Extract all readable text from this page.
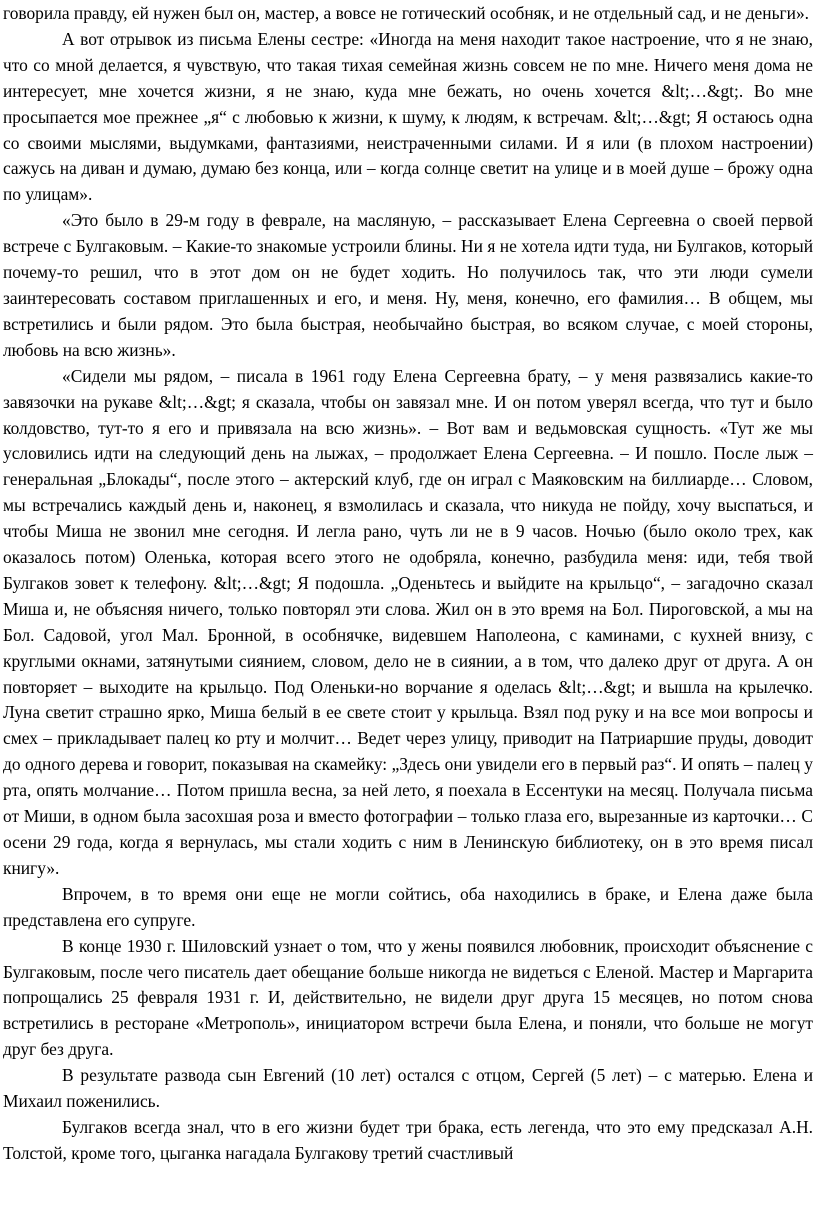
говорила правду, ей нужен был он, мастер, а вовсе не готический особняк, и не отдельный сад, и не деньги».

А вот отрывок из письма Елены сестре: «Иногда на меня находит такое настроение, что я не знаю, что со мной делается, я чувствую, что такая тихая семейная жизнь совсем не по мне. Ничего меня дома не интересует, мне хочется жизни, я не знаю, куда мне бежать, но очень хочется &lt;…&gt;. Во мне просыпается мое прежнее „я“ с любовью к жизни, к шуму, к людям, к встречам. &lt;…&gt; Я остаюсь одна со своими мыслями, выдумками, фантазиями, неистраченными силами. И я или (в плохом настроении) сажусь на диван и думаю, думаю без конца, или – когда солнце светит на улице и в моей душе – брожу одна по улицам».

«Это было в 29-м году в феврале, на масляную, – рассказывает Елена Сергеевна о своей первой встрече с Булгаковым. – Какие-то знакомые устроили блины. Ни я не хотела идти туда, ни Булгаков, который почему-то решил, что в этот дом он не будет ходить. Но получилось так, что эти люди сумели заинтересовать составом приглашенных и его, и меня. Ну, меня, конечно, его фамилия… В общем, мы встретились и были рядом. Это была быстрая, необычайно быстрая, во всяком случае, с моей стороны, любовь на всю жизнь».

«Сидели мы рядом, – писала в 1961 году Елена Сергеевна брату, – у меня развязались какие-то завязочки на рукаве &lt;…&gt; я сказала, чтобы он завязал мне. И он потом уверял всегда, что тут и было колдовство, тут-то я его и привязала на всю жизнь». – Вот вам и ведьмовская сущность. «Тут же мы условились идти на следующий день на лыжах, – продолжает Елена Сергеевна. – И пошло. После лыж – генеральная „Блокады“, после этого – актерский клуб, где он играл с Маяковским на биллиарде… Словом, мы встречались каждый день и, наконец, я взмолилась и сказала, что никуда не пойду, хочу выспаться, и чтобы Миша не звонил мне сегодня. И легла рано, чуть ли не в 9 часов. Ночью (было около трех, как оказалось потом) Оленька, которая всего этого не одобряла, конечно, разбудила меня: иди, тебя твой Булгаков зовет к телефону. &lt;…&gt; Я подошла. „Оденьтесь и выйдите на крыльцо“, – загадочно сказал Миша и, не объясняя ничего, только повторял эти слова. Жил он в это время на Бол. Пироговской, а мы на Бол. Садовой, угол Мал. Бронной, в особнячке, видевшем Наполеона, с каминами, с кухней внизу, с круглыми окнами, затянутыми сиянием, словом, дело не в сиянии, а в том, что далеко друг от друга. А он повторяет – выходите на крыльцо. Под Оленьки-но ворчание я оделась &lt;…&gt; и вышла на крылечко. Луна светит страшно ярко, Миша белый в ее свете стоит у крыльца. Взял под руку и на все мои вопросы и смех – прикладывает палец ко рту и молчит… Ведет через улицу, приводит на Патриаршие пруды, доводит до одного дерева и говорит, показывая на скамейку: „Здесь они увидели его в первый раз“. И опять – палец у рта, опять молчание… Потом пришла весна, за ней лето, я поехала в Ессентуки на месяц. Получала письма от Миши, в одном была засохшая роза и вместо фотографии – только глаза его, вырезанные из карточки… С осени 29 года, когда я вернулась, мы стали ходить с ним в Ленинскую библиотеку, он в это время писал книгу».

Впрочем, в то время они еще не могли сойтись, оба находились в браке, и Елена даже была представлена его супруге.

В конце 1930 г. Шиловский узнает о том, что у жены появился любовник, происходит объяснение с Булгаковым, после чего писатель дает обещание больше никогда не видеться с Еленой. Мастер и Маргарита попрощались 25 февраля 1931 г. И, действительно, не видели друг друга 15 месяцев, но потом снова встретились в ресторане «Метрополь», инициатором встречи была Елена, и поняли, что больше не могут друг без друга.

В результате развода сын Евгений (10 лет) остался с отцом, Сергей (5 лет) – с матерью. Елена и Михаил поженились.

Булгаков всегда знал, что в его жизни будет три брака, есть легенда, что это ему предсказал А.Н. Толстой, кроме того, цыганка нагадала Булгакову третий счастливый
